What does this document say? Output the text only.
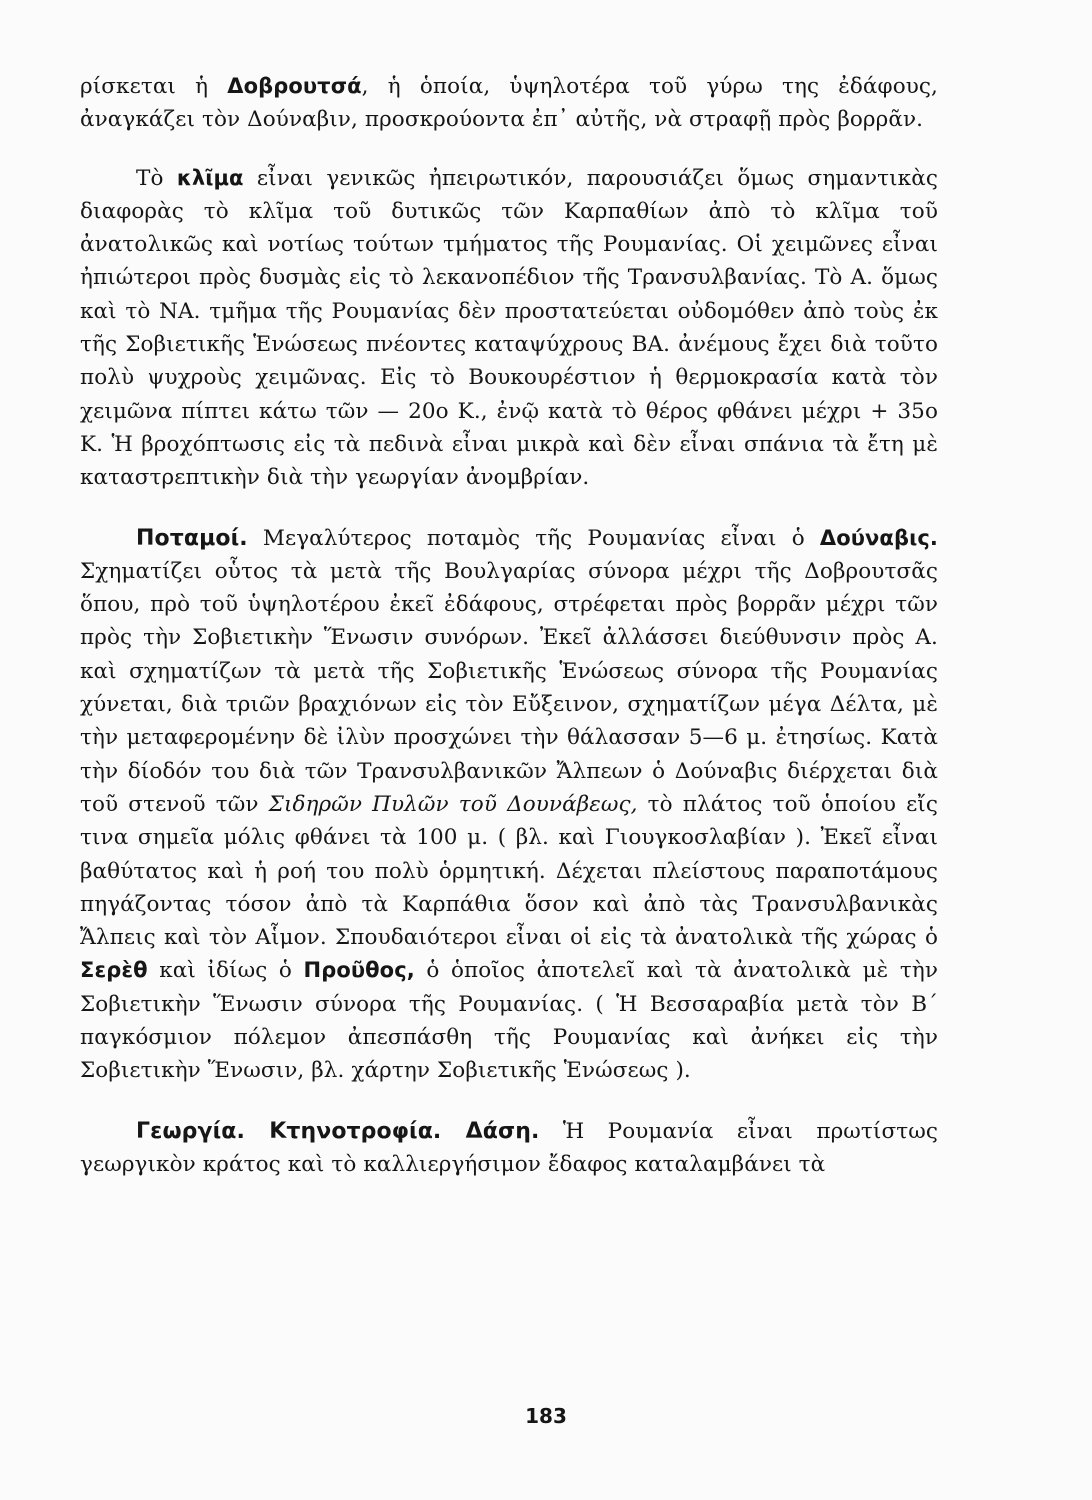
ρίσκεται ἡ Δοβρουτσά, ἡ ὁποία, ὑψηλοτέρα τοῦ γύρω της ἐδάφους, ἀναγκάζει τὸν Δούναβιν, προσκρούοντα ἐπ᾽ αὐτῆς, νὰ στραφῇ πρὸς βορρᾶν.

Τὸ κλῖμα εἶναι γενικῶς ἠπειρωτικόν, παρουσιάζει ὅμως σημαντικὰς διαφορὰς τὸ κλῖμα τοῦ δυτικῶς τῶν Καρπαθίων ἀπὸ τὸ κλῖμα τοῦ ἀνατολικῶς καὶ νοτίως τούτων τμήματος τῆς Ρουμανίας. Οἱ χειμῶνες εἶναι ἠπιώτεροι πρὸς δυσμὰς εἰς τὸ λεκανοπέδιον τῆς Τρανσυλβανίας. Τὸ Α. ὅμως καὶ τὸ ΝΑ. τμῆμα τῆς Ρουμανίας δὲν προστατεύεται οὐδομόθεν ἀπὸ τοὺς ἐκ τῆς Σοβιετικῆς Ἑνώσεως πνέοντες καταψύχρους ΒΑ. ἀνέμους ἔχει διὰ τοῦτο πολὺ ψυχροὺς χειμῶνας. Εἰς τὸ Βουκουρέστιον ἡ θερμοκρασία κατὰ τὸν χειμῶνα πίπτει κάτω τῶν — 20ο Κ., ἐνῷ κατὰ τὸ θέρος φθάνει μέχρι + 35ο Κ. Ἡ βροχόπτωσις εἰς τὰ πεδινὰ εἶναι μικρὰ καὶ δὲν εἶναι σπάνια τὰ ἔτη μὲ καταστρεπτικὴν διὰ τὴν γεωργίαν ἀνομβρίαν.

Ποταμοί. Μεγαλύτερος ποταμὸς τῆς Ρουμανίας εἶναι ὁ Δούναβις. Σχηματίζει οὗτος τὰ μετὰ τῆς Βουλγαρίας σύνορα μέχρι τῆς Δοβρουτσᾶς ὅπου, πρὸ τοῦ ὑψηλοτέρου ἐκεῖ ἐδάφους, στρέφεται πρὸς βορρᾶν μέχρι τῶν πρὸς τὴν Σοβιετικὴν Ἕνωσιν συνόρων. Ἐκεῖ ἀλλάσσει διεύθυνσιν πρὸς Α. καὶ σχηματίζων τὰ μετὰ τῆς Σοβιετικῆς Ἑνώσεως σύνορα τῆς Ρουμανίας χύνεται, διὰ τριῶν βραχιόνων εἰς τὸν Εὔξεινον, σχηματίζων μέγα Δέλτα, μὲ τὴν μεταφερομένην δὲ ἰλὺν προσχώνει τὴν θάλασσαν 5—6 μ. ἐτησίως. Κατὰ τὴν δίοδόν του διὰ τῶν Τρανσυλβανικῶν Ἄλπεων ὁ Δούναβις διέρχεται διὰ τοῦ στενοῦ τῶν Σιδηρῶν Πυλῶν τοῦ Δουνάβεως, τὸ πλάτος τοῦ ὁποίου εἴς τινα σημεῖα μόλις φθάνει τὰ 100 μ. ( βλ. καὶ Γιουγκοσλαβίαν ). Ἐκεῖ εἶναι βαθύτατος καὶ ἡ ροή του πολὺ ὁρμητική. Δέχεται πλείστους παραποτάμους πηγάζοντας τόσον ἀπὸ τὰ Καρπάθια ὅσον καὶ ἀπὸ τὰς Τρανσυλβανικὰς Ἄλπεις καὶ τὸν Αἷμον. Σπουδαιότεροι εἶναι οἱ εἰς τὰ ἀνατολικὰ τῆς χώρας ὁ Σερὲθ καὶ ἰδίως ὁ Προῦθος, ὁ ὁποῖος ἀποτελεῖ καὶ τὰ ἀνατολικὰ μὲ τὴν Σοβιετικὴν Ἕνωσιν σύνορα τῆς Ρουμανίας. ( Ἡ Βεσσαραβία μετὰ τὸν Β΄ παγκόσμιον πόλεμον ἀπεσπάσθη τῆς Ρουμανίας καὶ ἀνήκει εἰς τὴν Σοβιετικὴν Ἕνωσιν, βλ. χάρτην Σοβιετικῆς Ἑνώσεως ).

Γεωργία. Κτηνοτροφία. Δάση. Ἡ Ρουμανία εἶναι πρωτίστως γεωργικὸν κράτος καὶ τὸ καλλιεργήσιμον ἔδαφος καταλαμβάνει τὰ

183
